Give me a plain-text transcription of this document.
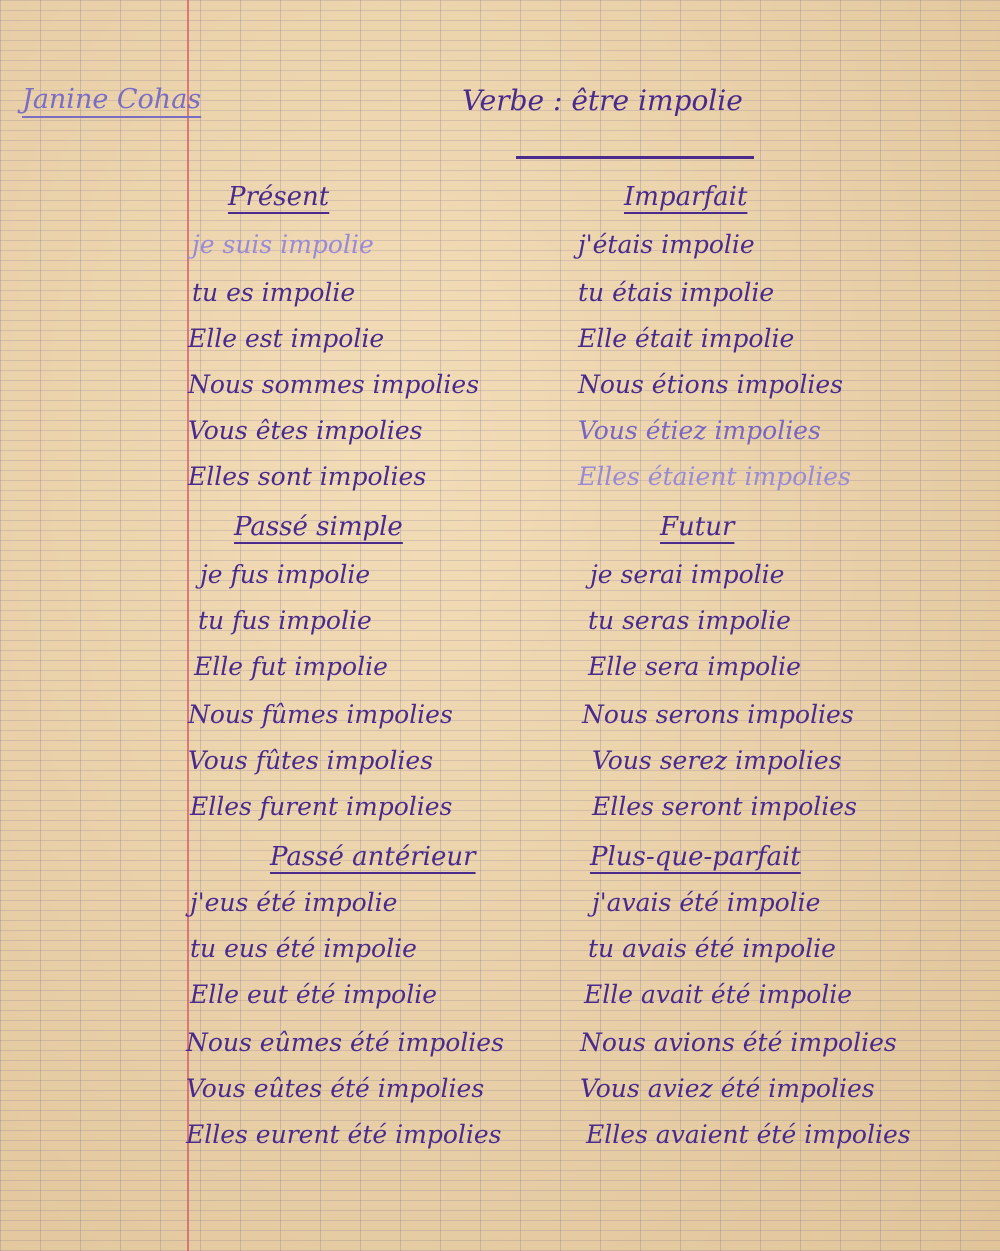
Janine Cohas	Verbe : être impolie
Présent
je suis impolie
tu es impolie
Elle est impolie
Nous sommes impolies
Vous êtes impolies
Elles sont impolies
Imparfait
j'étais impolie
tu étais impolie
Elle était impolie
Nous étions impolies
Vous étiez impolies
Elles étaient impolies
Passé simple
je fus impolie
tu fus impolie
Elle fut impolie
Nous fûmes impolies
Vous fûtes impolies
Elles furent impolies
Futur
je serai impolie
tu seras impolie
Elle sera impolie
Nous serons impolies
Vous serez impolies
Elles seront impolies
Passé antérieur
j'eus été impolie
tu eus été impolie
Elle eut été impolie
Nous eûmes été impolies
Vous eûtes été impolies
Elles eurent été impolies
Plus-que-parfait
j'avais été impolie
tu avais été impolie
Elle avait été impolie
Nous avions été impolies
Vous aviez été impolies
Elles avaient été impolies
